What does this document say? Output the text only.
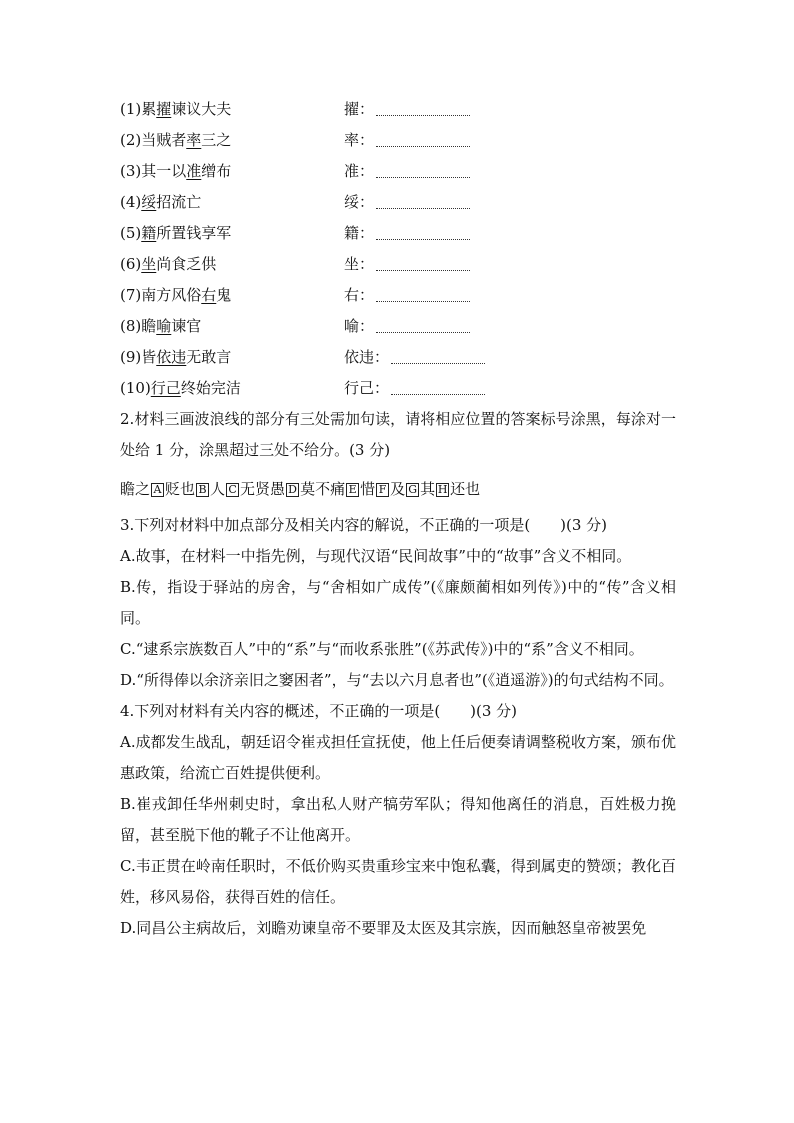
(1)累擢谏议大夫	擢：
(2)当贼者率三之	率：
(3)其一以准缯布	准：
(4)绥招流亡	绥：
(5)籍所置钱享军	籍：
(6)坐尚食乏供	坐：
(7)南方风俗右鬼	右：
(8)瞻喻谏官	喻：
(9)皆依违无敢言	依违：
(10)行己终始完洁	行己：

2.材料三画波浪线的部分有三处需加句读，请将相应位置的答案标号涂黑，每涂对一处给 1 分，涂黑超过三处不给分。(3 分)

瞻之 A 贬也 B 人 C 无贤愚 D 莫不痛 E 惜 F 及 G 其 H 还也

3.下列对材料中加点部分及相关内容的解说，不正确的一项是(　　)(3 分)

A.故事，在材料一中指先例，与现代汉语“民间故事”中的“故事”含义不相同。

B.传，指设于驿站的房舍，与“舍相如广成传”(《廉颇蔺相如列传》)中的“传”含义相同。

C.“逮系宗族数百人”中的“系”与“而收系张胜”(《苏武传》)中的“系”含义不相同。

D.“所得俸以余济亲旧之窭困者”，与“去以六月息者也”(《逍遥游》)的句式结构不同。

4.下列对材料有关内容的概述，不正确的一项是(　　)(3 分)

A.成都发生战乱，朝廷诏令崔戎担任宣抚使，他上任后便奏请调整税收方案，颁布优惠政策，给流亡百姓提供便利。

B.崔戎卸任华州刺史时，拿出私人财产犒劳军队；得知他离任的消息，百姓极力挽留，甚至脱下他的靴子不让他离开。

C.韦正贯在岭南任职时，不低价购买贵重珍宝来中饱私囊，得到属吏的赞颂；教化百姓，移风易俗，获得百姓的信任。

D.同昌公主病故后，刘瞻劝谏皇帝不要罪及太医及其宗族，因而触怒皇帝被罢免
